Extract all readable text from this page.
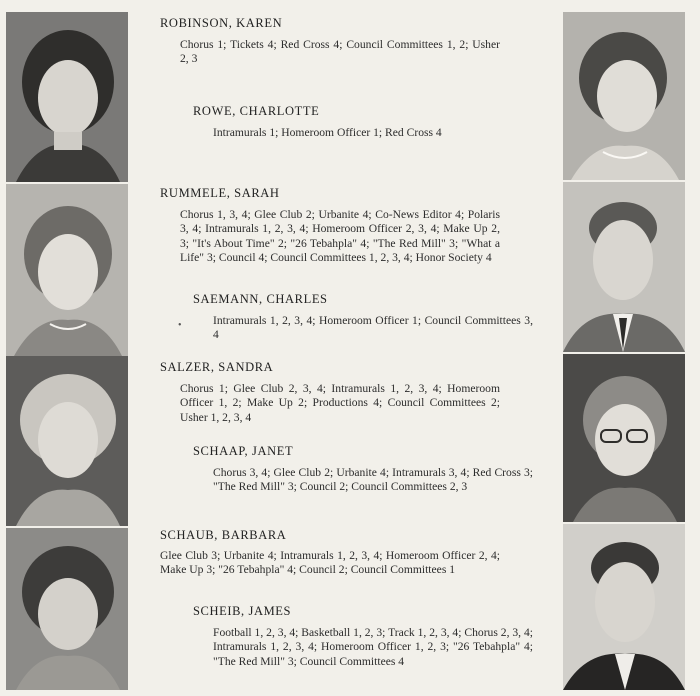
ROBINSON, KAREN
Chorus 1; Tickets 4; Red Cross 4; Council Committees 1, 2; Usher 2, 3
ROWE, CHARLOTTE
Intramurals 1; Homeroom Officer 1; Red Cross 4
RUMMELE, SARAH
Chorus 1, 3, 4; Glee Club 2; Urbanite 4; Co-News Editor 4; Polaris 3, 4; Intramurals 1, 2, 3, 4; Homeroom Officer 2, 3, 4; Make Up 2, 3; "It's About Time" 2; "26 Tebahpla" 4; "The Red Mill" 3; "What a Life" 3; Council 4; Council Committees 1, 2, 3, 4; Honor Society 4
SAEMANN, CHARLES
Intramurals 1, 2, 3, 4; Homeroom Officer 1; Council Committees 3, 4
•
SALZER, SANDRA
Chorus 1; Glee Club 2, 3, 4; Intramurals 1, 2, 3, 4; Homeroom Officer 1, 2; Make Up 2; Productions 4; Council Committees 2; Usher 1, 2, 3, 4
SCHAAP, JANET
Chorus 3, 4; Glee Club 2; Urbanite 4; Intramurals 3, 4; Red Cross 3; "The Red Mill" 3; Council 2; Council Committees 2, 3
SCHAUB, BARBARA
Glee Club 3; Urbanite 4; Intramurals 1, 2, 3, 4; Homeroom Officer 2, 4; Make Up 3; "26 Tebahpla" 4; Council 2; Council Committees 1
SCHEIB, JAMES
Football 1, 2, 3, 4; Basketball 1, 2, 3; Track 1, 2, 3, 4; Chorus 2, 3, 4; Intramurals 1, 2, 3, 4; Homeroom Officer 1, 2, 3; "26 Tebahpla" 4; "The Red Mill" 3; Council Committees 4
